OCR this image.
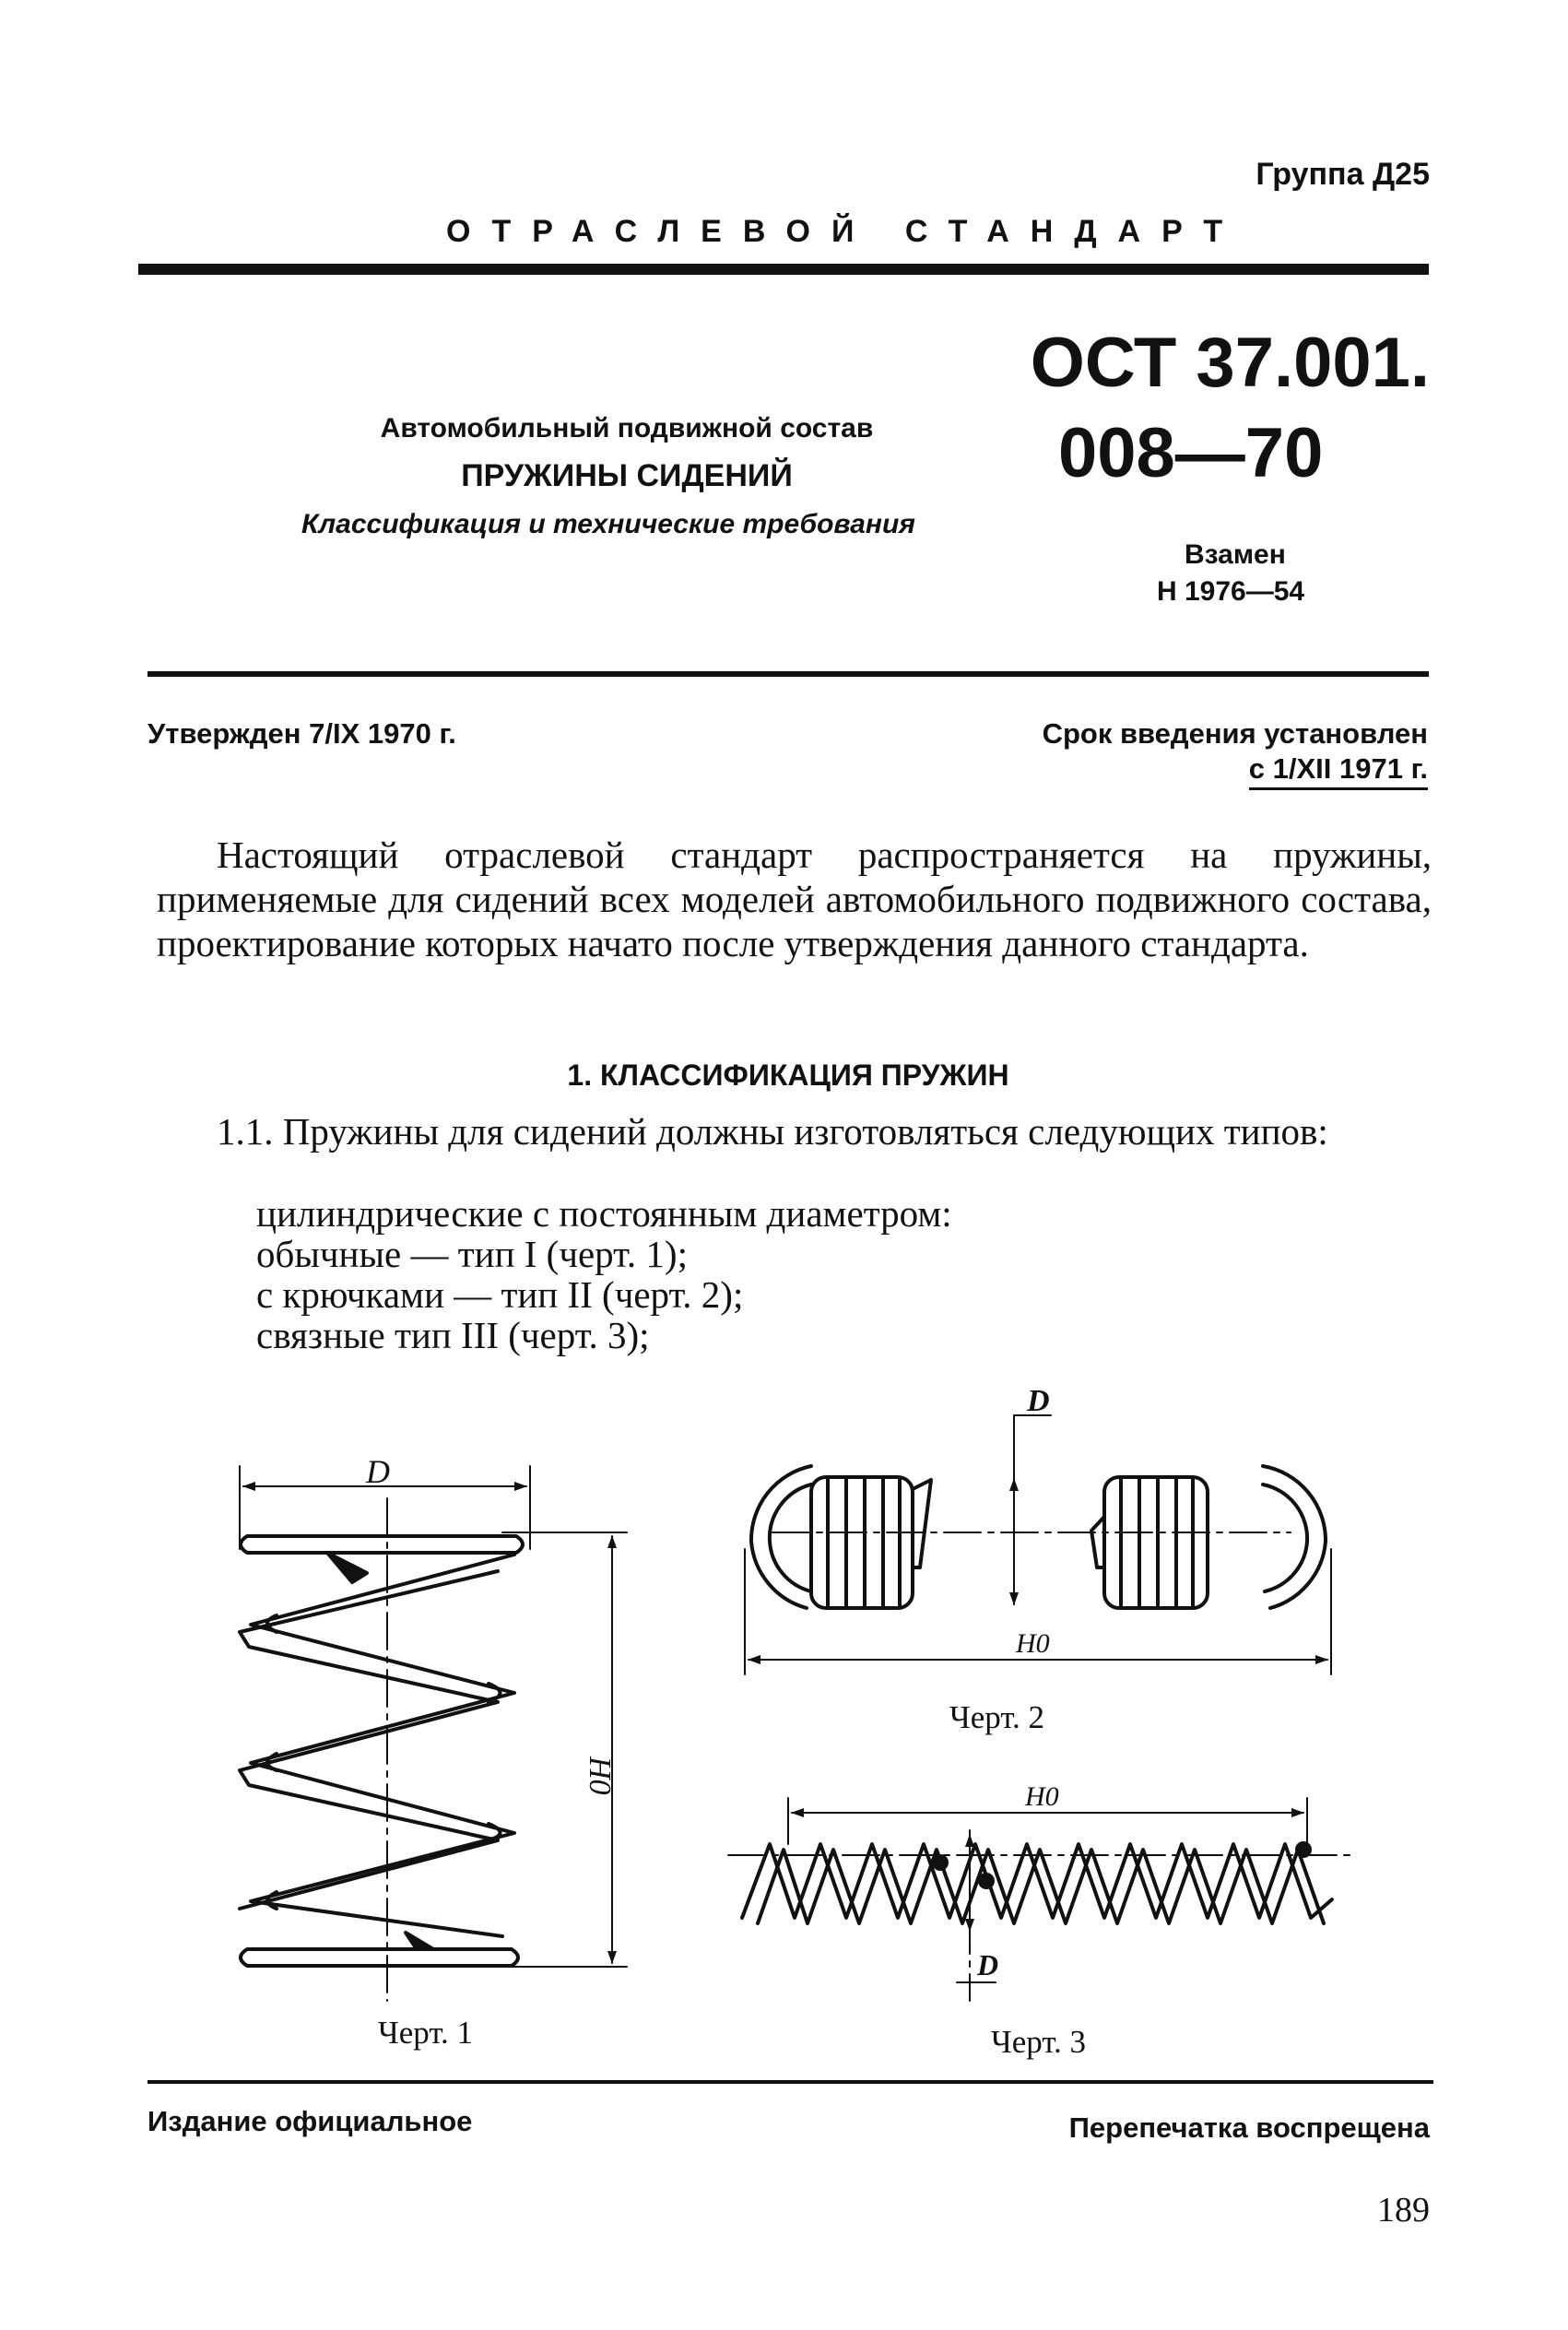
Группа Д25
ОТРАСЛЕВОЙ СТАНДАРТ
ОСТ 37.001.
008—70
Взамен
Н 1976—54
Автомобильный подвижной состав
ПРУЖИНЫ СИДЕНИЙ
Классификация и технические требования
Утвержден 7/IX 1970 г.	Срок введения установлен
с 1/XII 1971 г.
Настоящий отраслевой стандарт распространяется на пружины, применяемые для сидений всех моделей автомобильного подвижного состава, проектирование которых начато после утверждения данного стандарта.
1. КЛАССИФИКАЦИЯ ПРУЖИН
1.1. Пружины для сидений должны изготовляться следующих типов:
цилиндрические с постоянным диаметром:
обычные — тип I (черт. 1);
с крючками — тип II (черт. 2);
связные тип III (черт. 3);
D
H0
D
H0
H0
D
Черт. 1
Черт. 2
Черт. 3
Издание официальное	Перепечатка воспрещена
189
